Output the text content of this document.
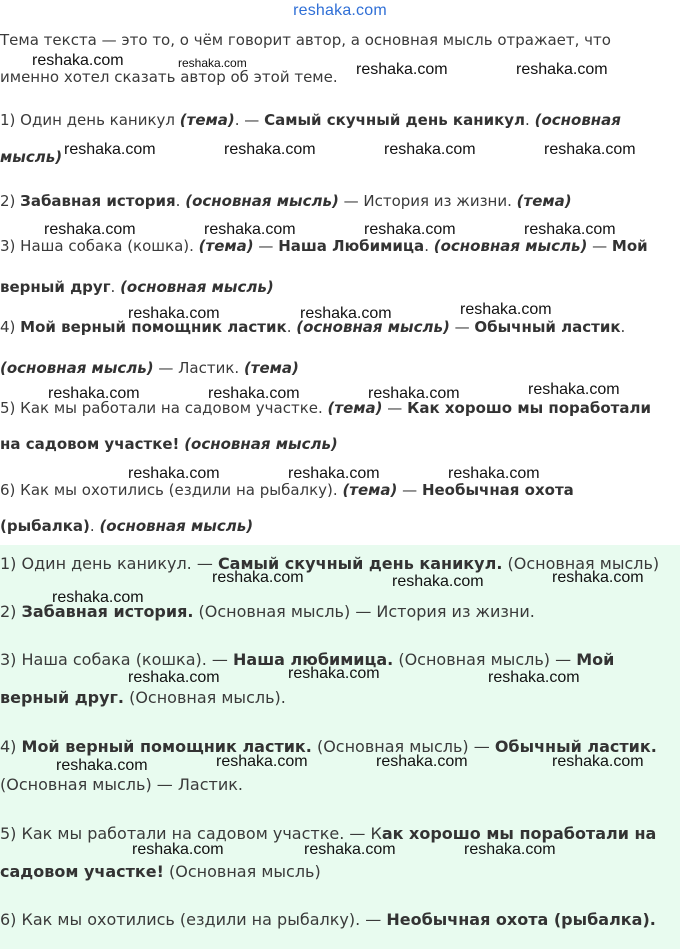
reshaka.com
Тема текста — это то, о чём говорит автор, а основная мысль отражает, что
именно хотел сказать автор об этой теме.
1) Один день каникул (тема). — Самый скучный день каникул. (основная
мысль)
2) Забавная история. (основная мысль) — История из жизни. (тема)
3) Наша собака (кошка). (тема) — Наша Любимица. (основная мысль) — Мой
верный друг. (основная мысль)
4) Мой верный помощник ластик. (основная мысль) — Обычный ластик.
(основная мысль) — Ластик. (тема)
5) Как мы работали на садовом участке. (тема) — Как хорошо мы поработали
на садовом участке! (основная мысль)
6) Как мы охотились (ездили на рыбалку). (тема) — Необычная охота
(рыбалка). (основная мысль)
1) Один день каникул. — Самый скучный день каникул. (Основная мысль)
2) Забавная история. (Основная мысль) — История из жизни.
3) Наша собака (кошка). — Наша любимица. (Основная мысль) — Мой
верный друг. (Основная мысль).
4) Мой верный помощник ластик. (Основная мысль) — Обычный ластик.
(Основная мысль) — Ластик.
5) Как мы работали на садовом участке. — Как хорошо мы поработали на
садовом участке! (Основная мысль)
6) Как мы охотились (ездили на рыбалку). — Необычная охота (рыбалка).
reshaka.com	reshaka.com	reshaka.com	reshaka.com
reshaka.com	reshaka.com	reshaka.com	reshaka.com
reshaka.com	reshaka.com	reshaka.com	reshaka.com
reshaka.com	reshaka.com	reshaka.com
reshaka.com	reshaka.com	reshaka.com	reshaka.com
reshaka.com	reshaka.com	reshaka.com
reshaka.com	reshaka.com	reshaka.com
reshaka.com
reshaka.com	reshaka.com	reshaka.com
reshaka.com	reshaka.com	reshaka.com	reshaka.com
reshaka.com	reshaka.com	reshaka.com
